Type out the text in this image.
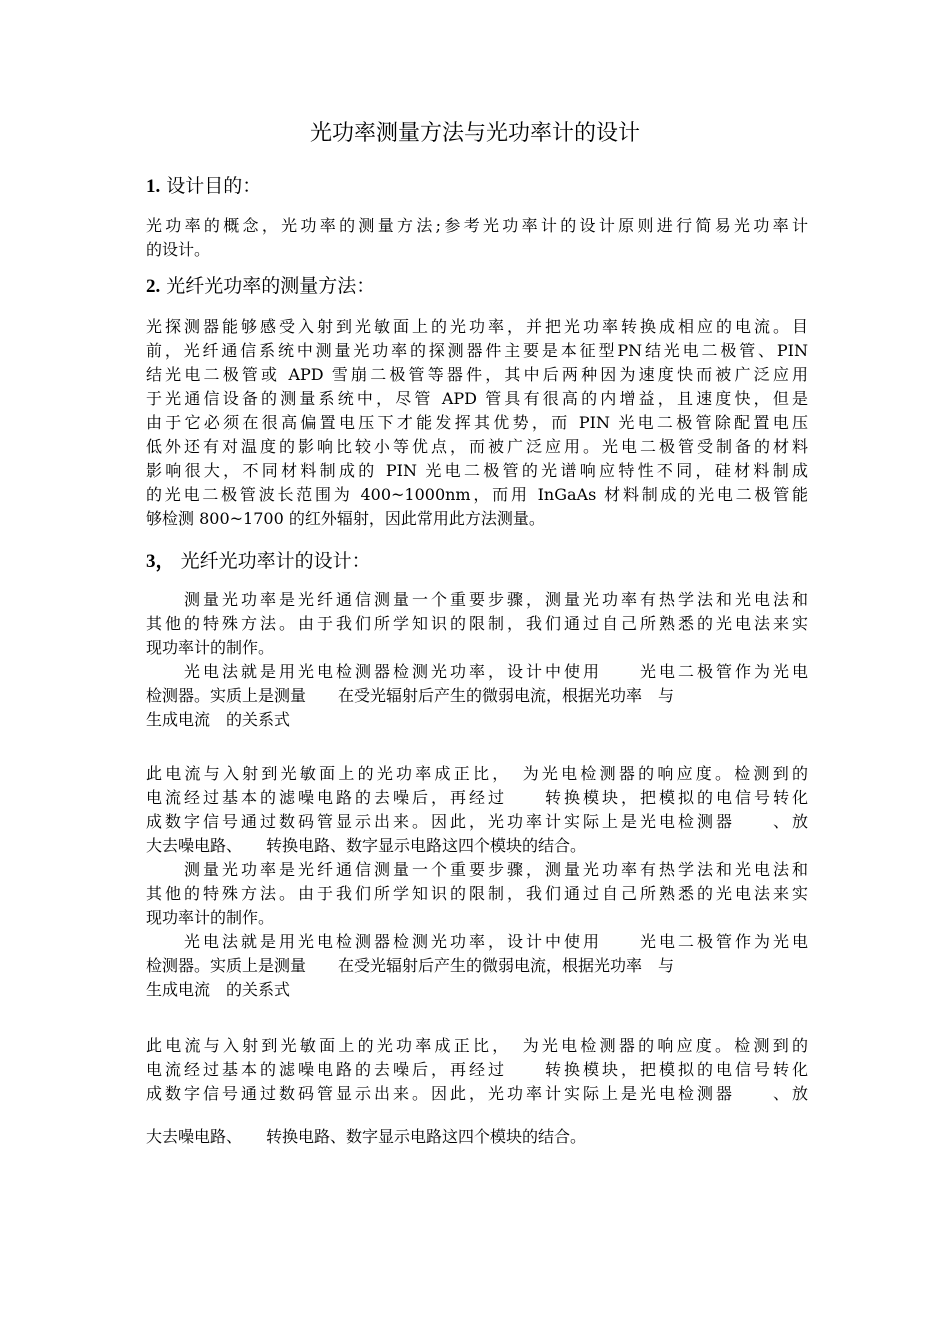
光功率测量方法与光功率计的设计
1. 设计目的：
光功率的概念，光功率的测量方法;参考光功率计的设计原则进行简易光功率计
的设计。
2. 光纤光功率的测量方法：
光探测器能够感受入射到光敏面上的光功率，并把光功率转换成相应的电流。目
前，光纤通信系统中测量光功率的探测器件主要是本征型PN结光电二极管、PIN
结光电二极管或 APD 雪崩二极管等器件，其中后两种因为速度快而被广泛应用
于光通信设备的测量系统中，尽管 APD 管具有很高的内增益，且速度快，但是
由于它必须在很高偏置电压下才能发挥其优势，而 PIN 光电二极管除配置电压
低外还有对温度的影响比较小等优点，而被广泛应用。光电二极管受制备的材料
影响很大，不同材料制成的 PIN 光电二极管的光谱响应特性不同，硅材料制成
的光电二极管波长范围为 400~1000nm，而用 InGaAs 材料制成的光电二极管能
够检测 800~1700 的红外辐射，因此常用此方法测量。
3， 光纤光功率计的设计：
　　测量光功率是光纤通信测量一个重要步骤，测量光功率有热学法和光电法和
其他的特殊方法。由于我们所学知识的限制，我们通过自己所熟悉的光电法来实
现功率计的制作。
　　光电法就是用光电检测器检测光功率，设计中使用　　光电二极管作为光电
检测器。实质上是测量　　在受光辐射后产生的微弱电流，根据光功率　与
生成电流　的关系式
此电流与入射到光敏面上的光功率成正比，　为光电检测器的响应度。检测到的
电流经过基本的滤噪电路的去噪后，再经过　　转换模块，把模拟的电信号转化
成数字信号通过数码管显示出来。因此，光功率计实际上是光电检测器　　、放
大去噪电路、　　转换电路、数字显示电路这四个模块的结合。
　　测量光功率是光纤通信测量一个重要步骤，测量光功率有热学法和光电法和
其他的特殊方法。由于我们所学知识的限制，我们通过自己所熟悉的光电法来实
现功率计的制作。
　　光电法就是用光电检测器检测光功率，设计中使用　　光电二极管作为光电
检测器。实质上是测量　　在受光辐射后产生的微弱电流，根据光功率　与
生成电流　的关系式
此电流与入射到光敏面上的光功率成正比，　为光电检测器的响应度。检测到的
电流经过基本的滤噪电路的去噪后，再经过　　转换模块，把模拟的电信号转化
成数字信号通过数码管显示出来。因此，光功率计实际上是光电检测器　　、放
大去噪电路、　　转换电路、数字显示电路这四个模块的结合。
